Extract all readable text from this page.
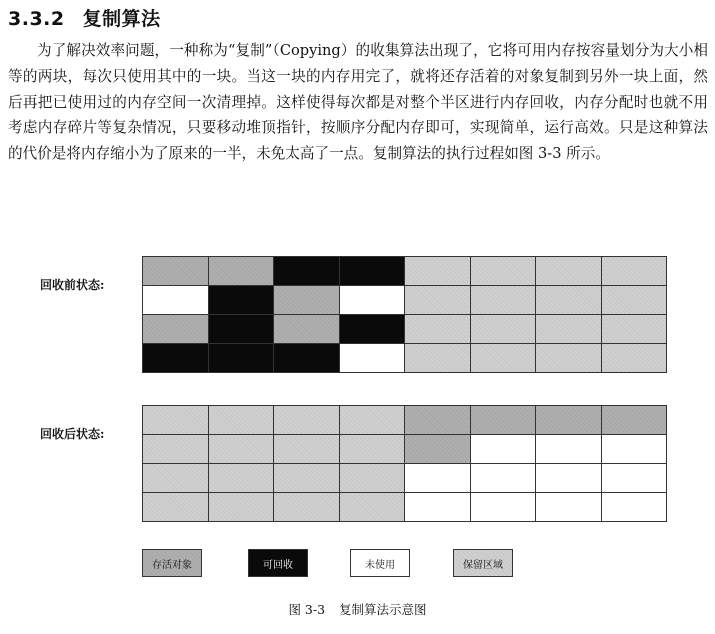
3.3.2 复制算法
为了解决效率问题，一种称为“复制”（Copying）的收集算法出现了，它将可用内存按容量划分为大小相等的两块，每次只使用其中的一块。当这一块的内存用完了，就将还存活着的对象复制到另外一块上面，然后再把已使用过的内存空间一次清理掉。这样使得每次都是对整个半区进行内存回收，内存分配时也就不用考虑内存碎片等复杂情况，只要移动堆顶指针，按顺序分配内存即可，实现简单，运行高效。只是这种算法的代价是将内存缩小为了原来的一半，未免太高了一点。复制算法的执行过程如图 3-3 所示。
回收前状态:
回收后状态:
存活对象	可回收	未使用	保留区域
图 3-3 复制算法示意图
